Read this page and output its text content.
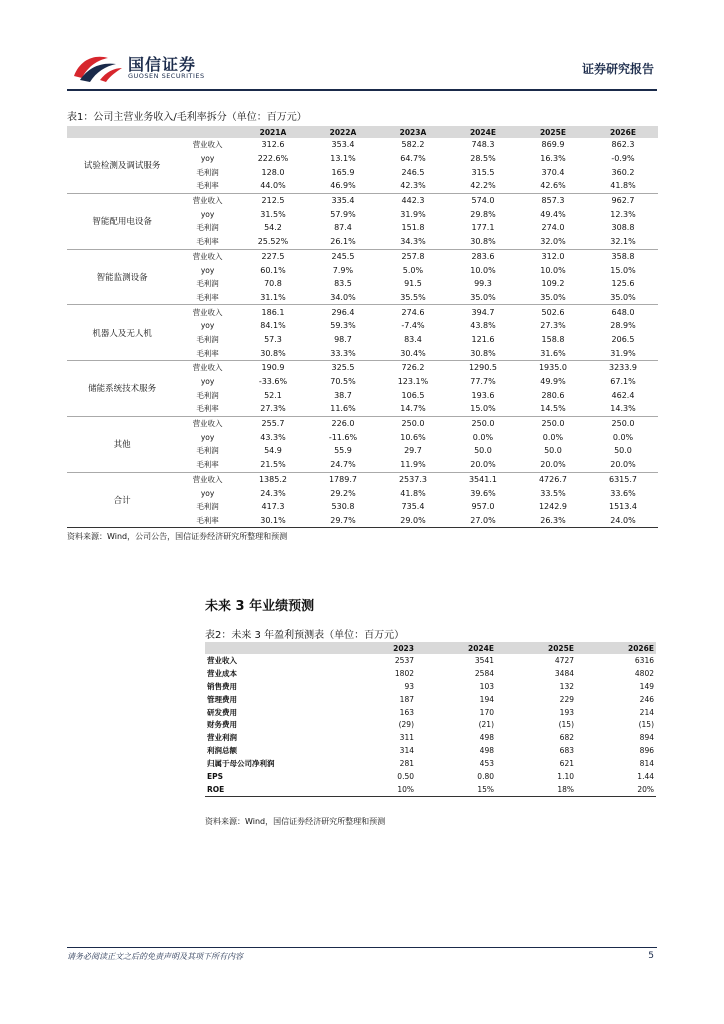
国信证券
GUOSEN SECURITIES	证券研究报告
表1：公司主营业务收入/毛利率拆分（单位：百万元）
		2021A	2022A	2023A	2024E	2025E	2026E
试验检测及调试服务	营业收入	312.6	353.4	582.2	748.3	869.9	862.3
	yoy	222.6%	13.1%	64.7%	28.5%	16.3%	-0.9%
	毛利润	128.0	165.9	246.5	315.5	370.4	360.2
	毛利率	44.0%	46.9%	42.3%	42.2%	42.6%	41.8%
智能配用电设备	营业收入	212.5	335.4	442.3	574.0	857.3	962.7
	yoy	31.5%	57.9%	31.9%	29.8%	49.4%	12.3%
	毛利润	54.2	87.4	151.8	177.1	274.0	308.8
	毛利率	25.52%	26.1%	34.3%	30.8%	32.0%	32.1%
智能监测设备	营业收入	227.5	245.5	257.8	283.6	312.0	358.8
	yoy	60.1%	7.9%	5.0%	10.0%	10.0%	15.0%
	毛利润	70.8	83.5	91.5	99.3	109.2	125.6
	毛利率	31.1%	34.0%	35.5%	35.0%	35.0%	35.0%
机器人及无人机	营业收入	186.1	296.4	274.6	394.7	502.6	648.0
	yoy	84.1%	59.3%	-7.4%	43.8%	27.3%	28.9%
	毛利润	57.3	98.7	83.4	121.6	158.8	206.5
	毛利率	30.8%	33.3%	30.4%	30.8%	31.6%	31.9%
储能系统技术服务	营业收入	190.9	325.5	726.2	1290.5	1935.0	3233.9
	yoy	-33.6%	70.5%	123.1%	77.7%	49.9%	67.1%
	毛利润	52.1	38.7	106.5	193.6	280.6	462.4
	毛利率	27.3%	11.6%	14.7%	15.0%	14.5%	14.3%
其他	营业收入	255.7	226.0	250.0	250.0	250.0	250.0
	yoy	43.3%	-11.6%	10.6%	0.0%	0.0%	0.0%
	毛利润	54.9	55.9	29.7	50.0	50.0	50.0
	毛利率	21.5%	24.7%	11.9%	20.0%	20.0%	20.0%
合计	营业收入	1385.2	1789.7	2537.3	3541.1	4726.7	6315.7
	yoy	24.3%	29.2%	41.8%	39.6%	33.5%	33.6%
	毛利润	417.3	530.8	735.4	957.0	1242.9	1513.4
	毛利率	30.1%	29.7%	29.0%	27.0%	26.3%	24.0%
资料来源：Wind，公司公告，国信证券经济研究所整理和预测
未来 3 年业绩预测
表2：未来 3 年盈利预测表（单位：百万元）
	2023	2024E	2025E	2026E
营业收入	2537	3541	4727	6316
营业成本	1802	2584	3484	4802
销售费用	93	103	132	149
管理费用	187	194	229	246
研发费用	163	170	193	214
财务费用	(29)	(21)	(15)	(15)
营业利润	311	498	682	894
利润总额	314	498	683	896
归属于母公司净利润	281	453	621	814
EPS	0.50	0.80	1.10	1.44
ROE	10%	15%	18%	20%
资料来源：Wind，国信证券经济研究所整理和预测
请务必阅读正文之后的免责声明及其项下所有内容	5
